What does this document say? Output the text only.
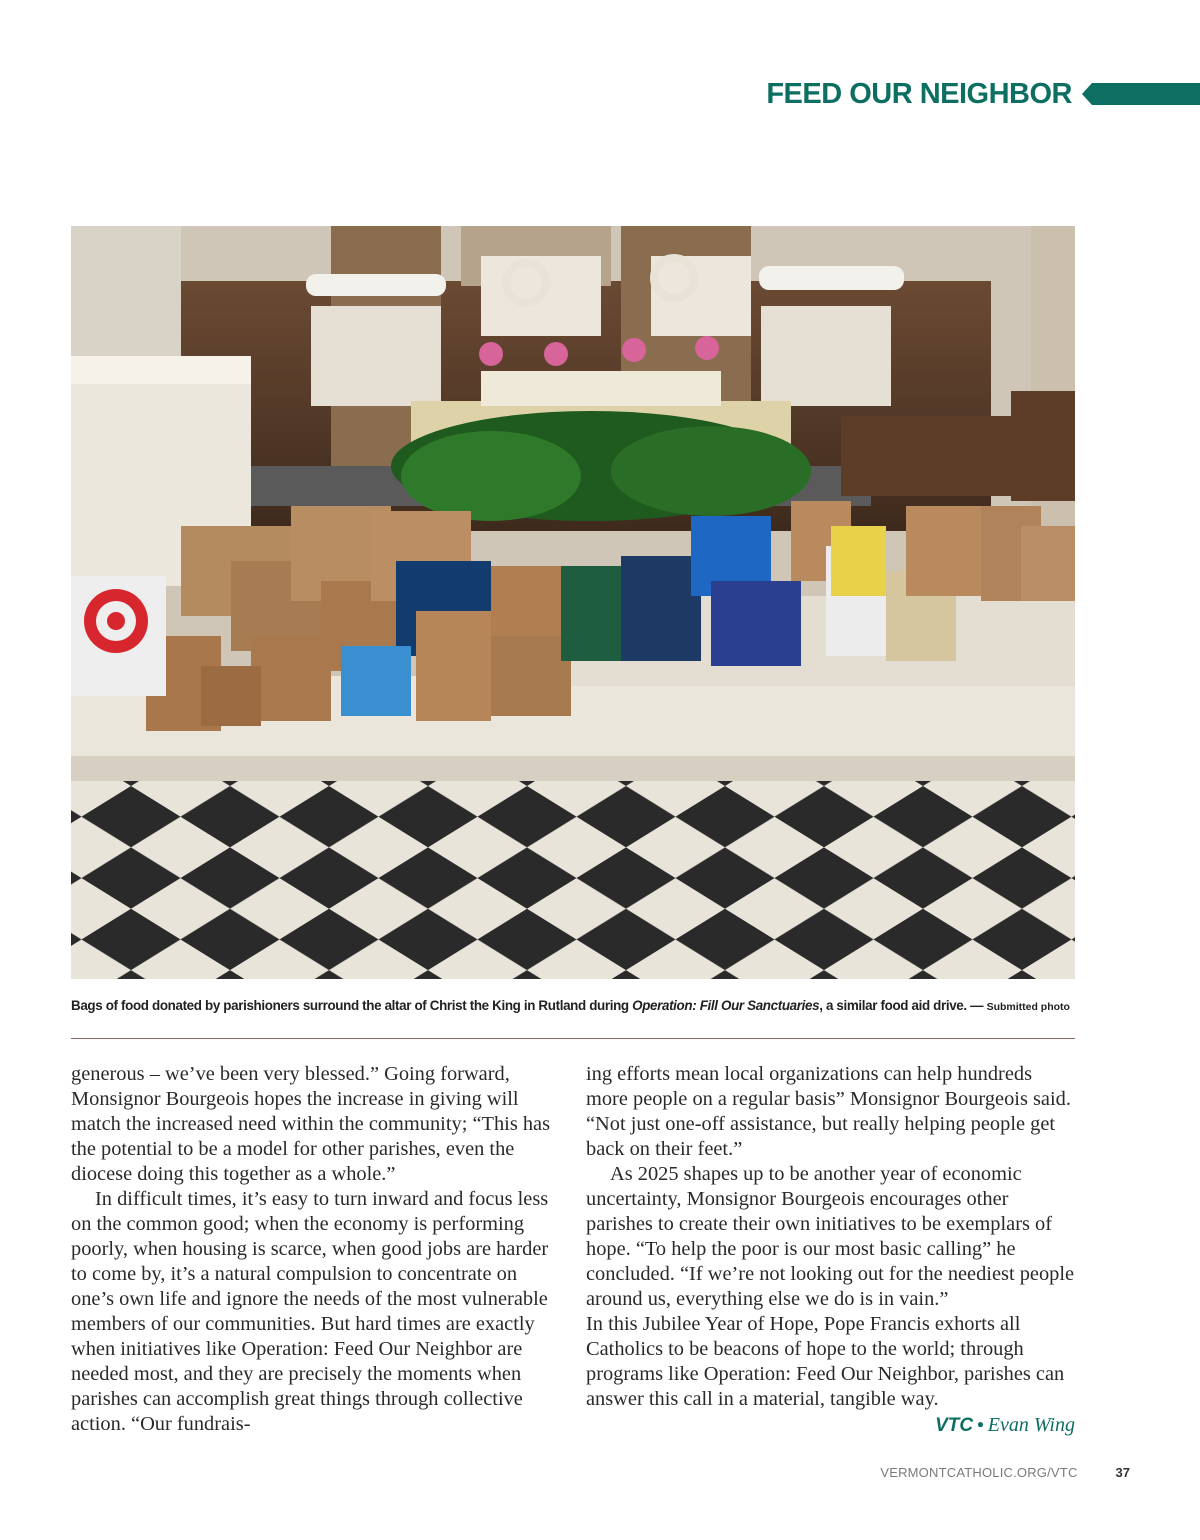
FEED OUR NEIGHBOR
Bags of food donated by parishioners surround the altar of Christ the King in Rutland during Operation: Fill Our Sanctuaries, a similar food aid drive. — Submitted photo

generous – we’ve been very blessed.” Going forward, Monsignor Bourgeois hopes the increase in giving will match the increased need within the community; “This has the potential to be a model for other parishes, even the diocese doing this together as a whole.”

In difficult times, it’s easy to turn inward and focus less on the common good; when the economy is performing poorly, when housing is scarce, when good jobs are harder to come by, it’s a natural compulsion to concentrate on one’s own life and ignore the needs of the most vulnerable members of our communities. But hard times are exactly when initiatives like Operation: Feed Our Neighbor are needed most, and they are precisely the moments when parishes can accomplish great things through collective action. “Our fundrais-

ing efforts mean local organizations can help hundreds more people on a regular basis” Monsignor Bourgeois said. “Not just one-off assistance, but really helping people get back on their feet.”

As 2025 shapes up to be another year of economic uncertainty, Monsignor Bourgeois encourages other parishes to create their own initiatives to be exemplars of hope. “To help the poor is our most basic calling” he concluded. “If we’re not looking out for the neediest people around us, everything else we do is in vain.”

In this Jubilee Year of Hope, Pope Francis exhorts all Catholics to be beacons of hope to the world; through programs like Operation: Feed Our Neighbor, parishes can answer this call in a material, tangible way.

VTC • Evan Wing
VERMONTCATHOLIC.ORG/VTC	37
